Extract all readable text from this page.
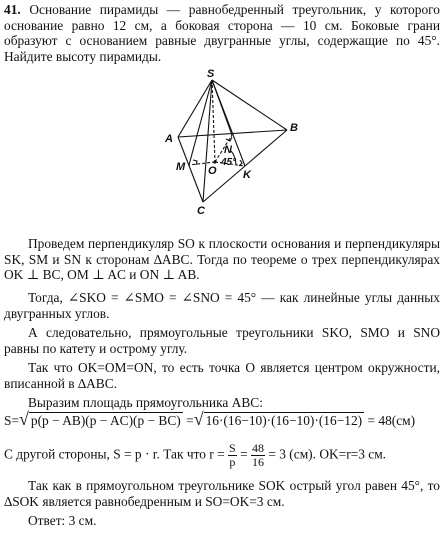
41. Основание пирамиды — равнобедренный треугольник, у которого основание равно 12 см, а боковая сторона — 10 см. Боковые грани образуют с основанием равные двугранные углы, содержащие по 45°. Найдите высоту пирамиды.

S
A
B
C
M
N
O K
45°

Проведем перпендикуляр SO к плоскости основания и перпендикуляры SK, SM и SN к сторонам ∆ABC. Тогда по теореме о трех перпендикулярах OK ⊥ BC, OM ⊥ AC и ON ⊥ AB.

Тогда, ∠SKO = ∠SMO = ∠SNO = 45° — как линейные углы данных двугранных углов.

А следовательно, прямоугольные треугольники SKO, SMO и SNO равны по катету и острому углу.

Так что OK=OM=ON, то есть точка O является центром окружности, вписанной в ∆ABC.

Выразим площадь прямоугольника ABC:

S=√ p(p − AB)(p − AC)(p − BC) =√ 16·(16−10)·(16−10)·(16−12) = 48(см)
С другой стороны, S = p · r. Так что $r = \frac{S}{p} = \frac{48}{16} = 3$ (см). OK=r=3 см.

Так как в прямоугольном треугольнике SOK острый угол равен 45°, то ∆SOK является равнобедренным и SO=OK=3 см.

Ответ: 3 см.
